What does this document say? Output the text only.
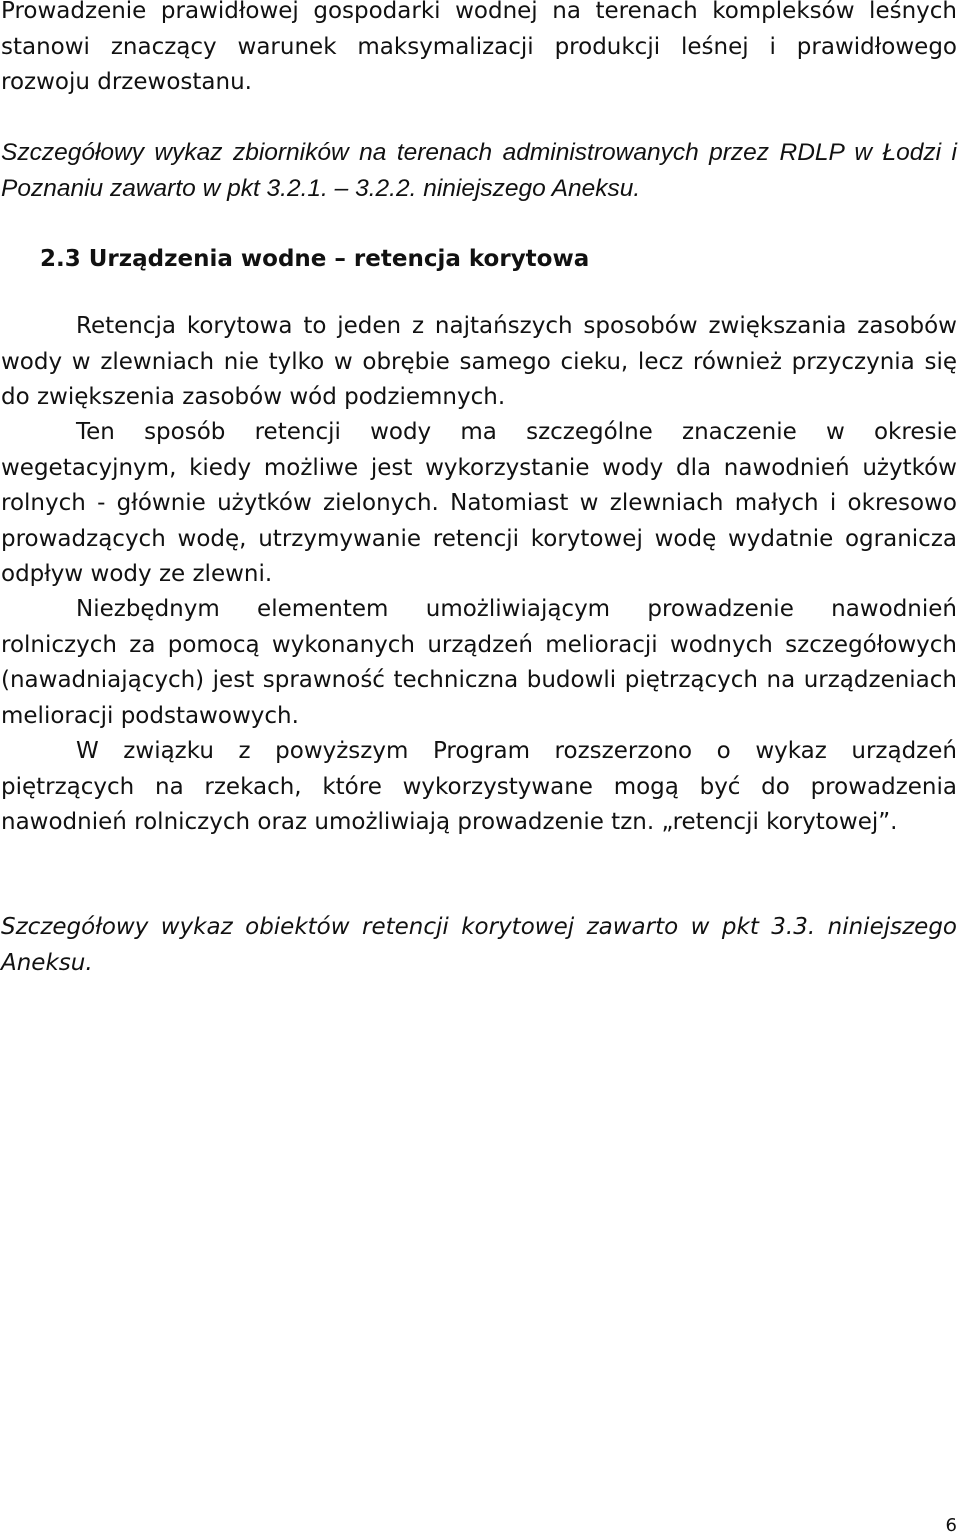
Prowadzenie prawidłowej gospodarki wodnej na terenach kompleksów leśnych stanowi znaczący warunek maksymalizacji produkcji leśnej i prawidłowego rozwoju drzewostanu.

Szczegółowy wykaz zbiorników na terenach administrowanych przez RDLP w Łodzi i Poznaniu zawarto w pkt 3.2.1. – 3.2.2. niniejszego Aneksu.

2.3 Urządzenia wodne – retencja korytowa

Retencja korytowa to jeden z najtańszych sposobów zwiększania zasobów wody w zlewniach nie tylko w obrębie samego cieku, lecz również przyczynia się do zwiększenia zasobów wód podziemnych.

Ten sposób retencji wody ma szczególne znaczenie w okresie wegetacyjnym, kiedy możliwe jest wykorzystanie wody dla nawodnień użytków rolnych - głównie użytków zielonych. Natomiast w zlewniach małych i okresowo prowadzących wodę, utrzymywanie retencji korytowej wodę wydatnie ogranicza odpływ wody ze zlewni.

Niezbędnym elementem umożliwiającym prowadzenie nawodnień rolniczych za pomocą wykonanych urządzeń melioracji wodnych szczegółowych (nawadniających) jest sprawność techniczna budowli piętrzących na urządzeniach melioracji podstawowych.

W związku z powyższym Program rozszerzono o wykaz urządzeń piętrzących na rzekach, które wykorzystywane mogą być do prowadzenia nawodnień rolniczych oraz umożliwiają prowadzenie tzn. „retencji korytowej”.

Szczegółowy wykaz obiektów retencji korytowej zawarto w pkt 3.3. niniejszego Aneksu.

6
